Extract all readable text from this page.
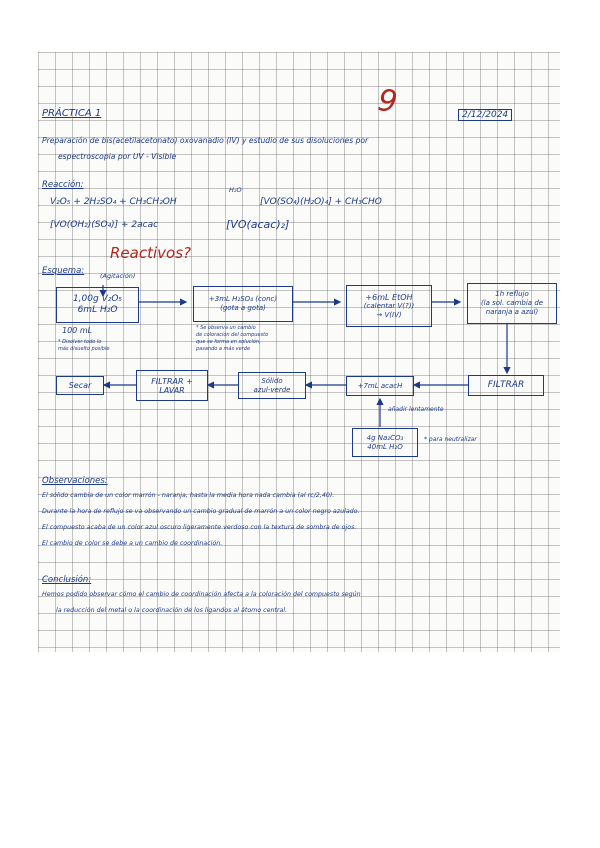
PRÁCTICA 1	9	2/12/2024
Preparación de bis(acetilacetonato) oxovanadio (IV) y estudio de sus disoluciones por
espectroscopia por UV - Visible
Reacción:
V₂O₅ + 2H₂SO₄ + CH₃CH₂OH
H₂O
[VO(SO₄)(H₂O)₄] + CH₃CHO
[VO(OH₂)(SO₄)] + 2acac	[VO(acac)₂]
Reactivos?
Esquema: (Agitación)
1,00g V₂O₅
6mL H₂O
100 mL
* Disolver todo lo
más disuelto posible
+3mL H₂SO₄ (conc)
(gota a gota)
* Se observa un cambio
de coloración del compuesto
que se forma en solución,
pasando a más verde
+6mL EtOH
(calentar V(?))
→ V(IV)
1h reflujo
(la sol. cambia de
naranja a azul)
FILTRAR
+7mL acacH
Sólido
azul-verde
FILTRAR +
LAVAR
Secar
añadir lentamente
4g Na₂CO₃
40mL H₂O
* para neutralizar
Observaciones:
El sólido cambia de un color marrón - naranja, hasta la media hora nada cambia (al rc/2,40).
Durante la hora de reflujo se va observando un cambio gradual de marrón a un color negro azulado.
El compuesto acaba de un color azul oscuro ligeramente verdoso con la textura de sombra de ojos.
El cambio de color se debe a un cambio de coordinación.
Conclusión:
Hemos podido observar cómo el cambio de coordinación afecta a la coloración del compuesto según
la reducción del metal o la coordinación de los ligandos al átomo central.
